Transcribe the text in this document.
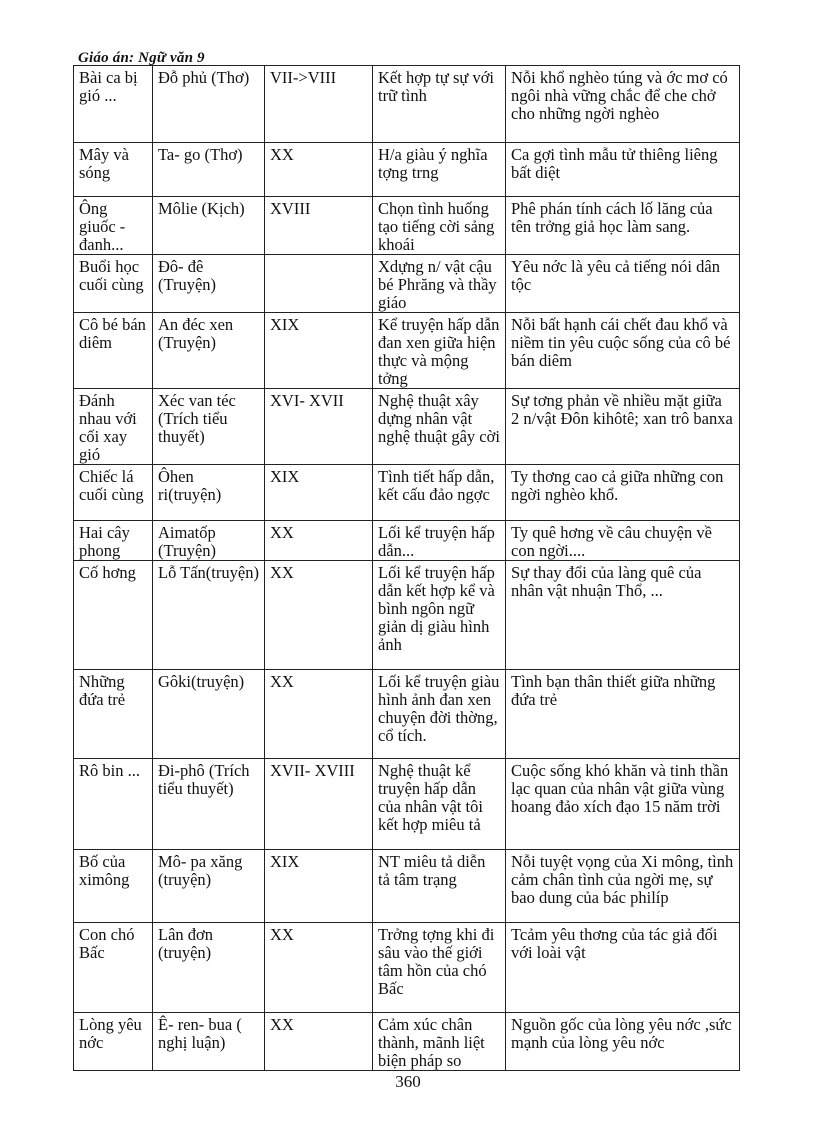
Giáo án: Ngữ văn 9
Bài ca bị gió ...	Đỗ phủ (Thơ)	VII->VIII	Kết hợp tự sự với trữ tình	Nỗi khổ nghèo túng và ớc mơ có ngôi nhà vững chắc để che chở cho những ngời nghèo
Mây và sóng	Ta- go (Thơ)	XX	H/a giàu ý nghĩa tợng trng	Ca gợi tình mẫu tử thiêng liêng bất diệt
Ông giuốc - đanh...	Môlie (Kịch)	XVIII	Chọn tình huống tạo tiếng cời sảng khoái	Phê phán tính cách lố lăng của tên trởng giả học làm sang.
Buổi học cuối cùng	Đô- đê (Truyện)		Xdựng n/ vật cậu bé Phrăng và thầy giáo	Yêu nớc là yêu cả tiếng nói dân tộc
Cô bé bán diêm	An đéc xen (Truyện)	XIX	Kể truyện hấp dẫn đan xen giữa hiện thực và mộng tởng	Nỗi bất hạnh cái chết đau khổ và niềm tin yêu cuộc sống của cô bé bán diêm
Đánh nhau với cối xay gió	Xéc van téc (Trích tiểu thuyết)	XVI- XVII	Nghệ thuật xây dựng nhân vật nghệ thuật gây cời	Sự tơng phản về nhiều mặt giữa 2 n/vật Đôn kihôtê; xan trô banxa
Chiếc lá cuối cùng	Ôhen ri(truyện)	XIX	Tình tiết hấp dẫn, kết cấu đảo ngợc	Ty thơng cao cả giữa những con ngời nghèo khổ.
Hai cây phong	Aimatốp (Truyện)	XX	Lối kể truyện hấp dẫn...	Ty quê hơng về câu chuyện về con ngời....
Cố hơng	Lỗ Tấn(truyện)	XX	Lối kể truyện hấp dẫn kết hợp kể và bình ngôn ngữ giản dị giàu hình ảnh	Sự thay đổi của làng quê của nhân vật nhuận Thổ, ...
Những đứa trẻ	Gôki(truyện)	XX	Lối kể truyện giàu hình ảnh đan xen chuyện đời thờng, cổ tích.	Tình bạn thân thiết giữa những đứa trẻ
Rô bin ...	Đi-phô (Trích tiểu thuyết)	XVII- XVIII	Nghệ thuật kể truyện hấp dẫn của nhân vật tôi kết hợp miêu tả	Cuộc sống khó khăn và tinh thần lạc quan của nhân vật giữa vùng hoang đảo xích đạo 15 năm trời
Bố của ximông	Mô- pa xăng (truyện)	XIX	NT miêu tả diễn tả tâm trạng	Nỗi tuyệt vọng của Xi mông, tình cảm chân tình của ngời mẹ, sự bao dung của bác philíp
Con chó Bấc	Lân đơn (truyện)	XX	Trởng tợng khi đi sâu vào thế giới tâm hồn của chó Bấc	Tcảm yêu thơng của tác giả đối với loài vật
Lòng yêu nớc	Ê- ren- bua ( nghị luận)	XX	Cảm xúc chân thành, mãnh liệt biện pháp so	Nguồn gốc của lòng yêu nớc ,sức mạnh của lòng yêu nớc
360
